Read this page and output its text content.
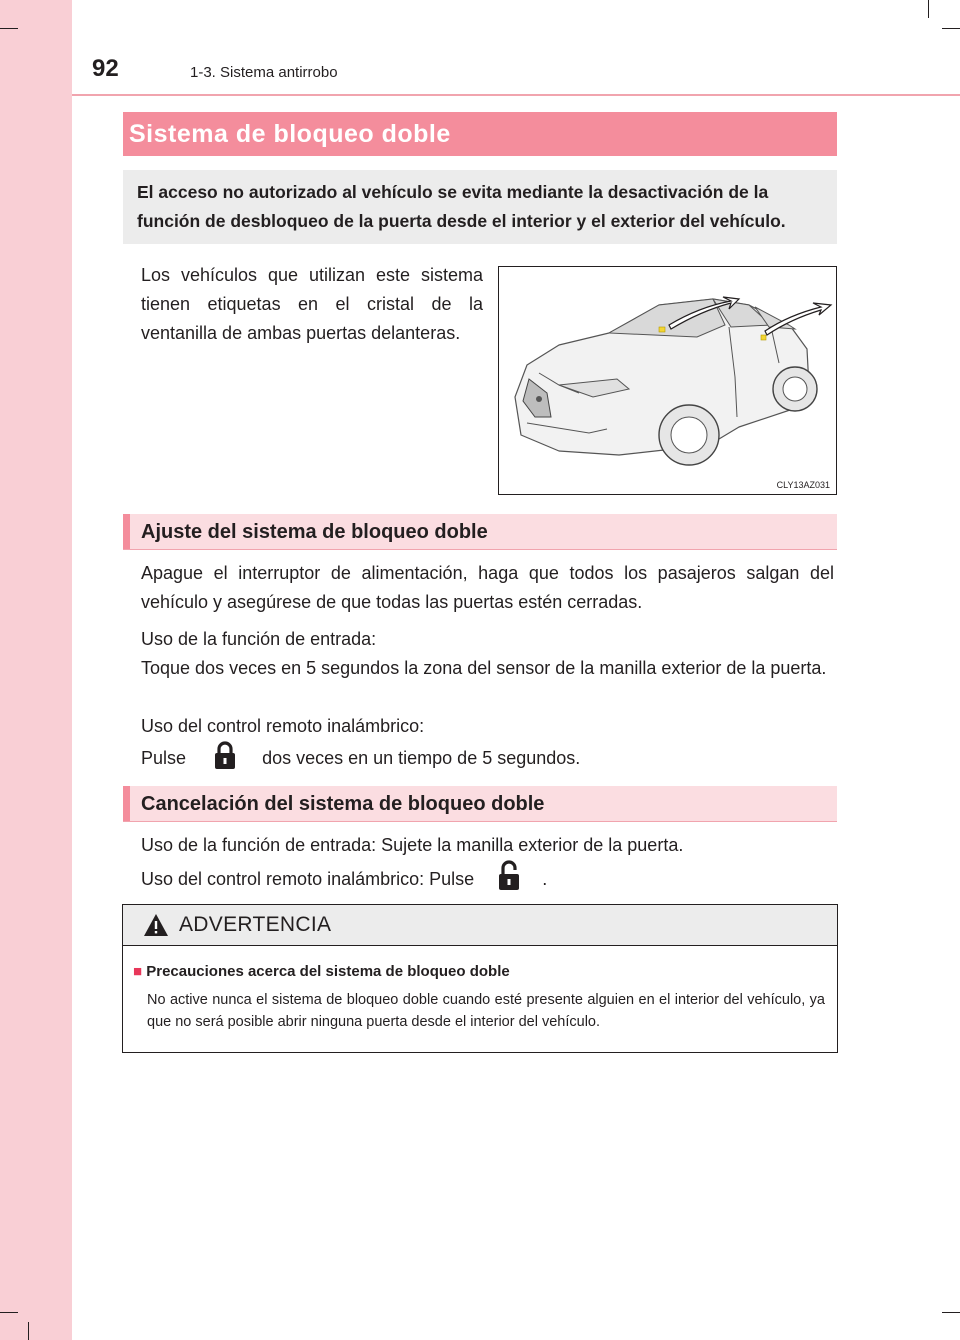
92	1-3. Sistema antirrobo
Sistema de bloqueo doble
El acceso no autorizado al vehículo se evita mediante la desactivación de la función de desbloqueo de la puerta desde el interior y el exterior del vehículo.

Los vehículos que utilizan este sistema tienen etiquetas en el cristal de la ventanilla de ambas puertas delanteras.

CLY13AZ031
Ajuste del sistema de bloqueo doble

Apague el interruptor de alimentación, haga que todos los pasajeros salgan del vehículo y asegúrese de que todas las puertas estén cerradas.

Uso de la función de entrada:

Toque dos veces en 5 segundos la zona del sensor de la manilla exterior de la puerta.

Uso del control remoto inalámbrico:
Pulse	dos veces en un tiempo de 5 segundos.
Cancelación del sistema de bloqueo doble
Uso de la función de entrada: Sujete la manilla exterior de la puerta.
Uso del control remoto inalámbrico: Pulse	.
ADVERTENCIA
■ Precauciones acerca del sistema de bloqueo doble

No active nunca el sistema de bloqueo doble cuando esté presente alguien en el interior del vehículo, ya que no será posible abrir ninguna puerta desde el interior del vehículo.
